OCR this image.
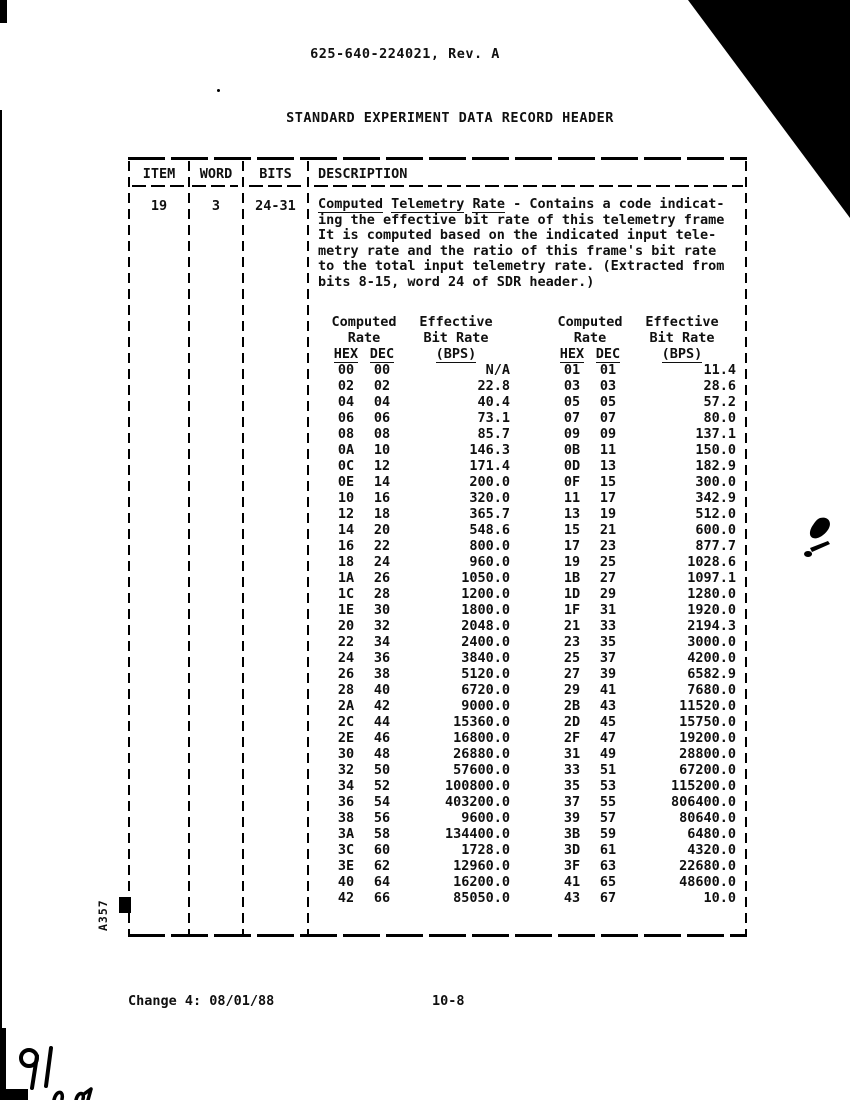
625-640-224021, Rev. A
STANDARD EXPERIMENT DATA RECORD HEADER
ITEM	WORD	BITS	DESCRIPTION
19	3	24-31	Computed Telemetry Rate - Contains a code indicat-
ing the effective bit rate of this telemetry frame
It is computed based on the indicated input tele-
metry rate and the ratio of this frame's bit rate
to the total input telemetry rate. (Extracted from
bits 8-15, word 24 of SDR header.)
Computed	Effective
Rate	Bit Rate
HEX DEC	(BPS)
00	00	N/A
02	02	22.8
04	04	40.4
06	06	73.1
08	08	85.7
0A	10	146.3
0C	12	171.4
0E	14	200.0
10	16	320.0
12	18	365.7
14	20	548.6
16	22	800.0
18	24	960.0
1A	26	1050.0
1C	28	1200.0
1E	30	1800.0
20	32	2048.0
22	34	2400.0
24	36	3840.0
26	38	5120.0
28	40	6720.0
2A	42	9000.0
2C	44	15360.0
2E	46	16800.0
30	48	26880.0
32	50	57600.0
34	52	100800.0
36	54	403200.0
38	56	9600.0
3A	58	134400.0
3C	60	1728.0
3E	62	12960.0
40	64	16200.0
42	66	85050.0
Computed	Effective
Rate	Bit Rate
HEX DEC	(BPS)
01	01	11.4
03	03	28.6
05	05	57.2
07	07	80.0
09	09	137.1
0B	11	150.0
0D	13	182.9
0F	15	300.0
11	17	342.9
13	19	512.0
15	21	600.0
17	23	877.7
19	25	1028.6
1B	27	1097.1
1D	29	1280.0
1F	31	1920.0
21	33	2194.3
23	35	3000.0
25	37	4200.0
27	39	6582.9
29	41	7680.0
2B	43	11520.0
2D	45	15750.0
2F	47	19200.0
31	49	28800.0
33	51	67200.0
35	53	115200.0
37	55	806400.0
39	57	80640.0
3B	59	6480.0
3D	61	4320.0
3F	63	22680.0
41	65	48600.0
43	67	10.0
Change 4: 08/01/88	10-8
A357
